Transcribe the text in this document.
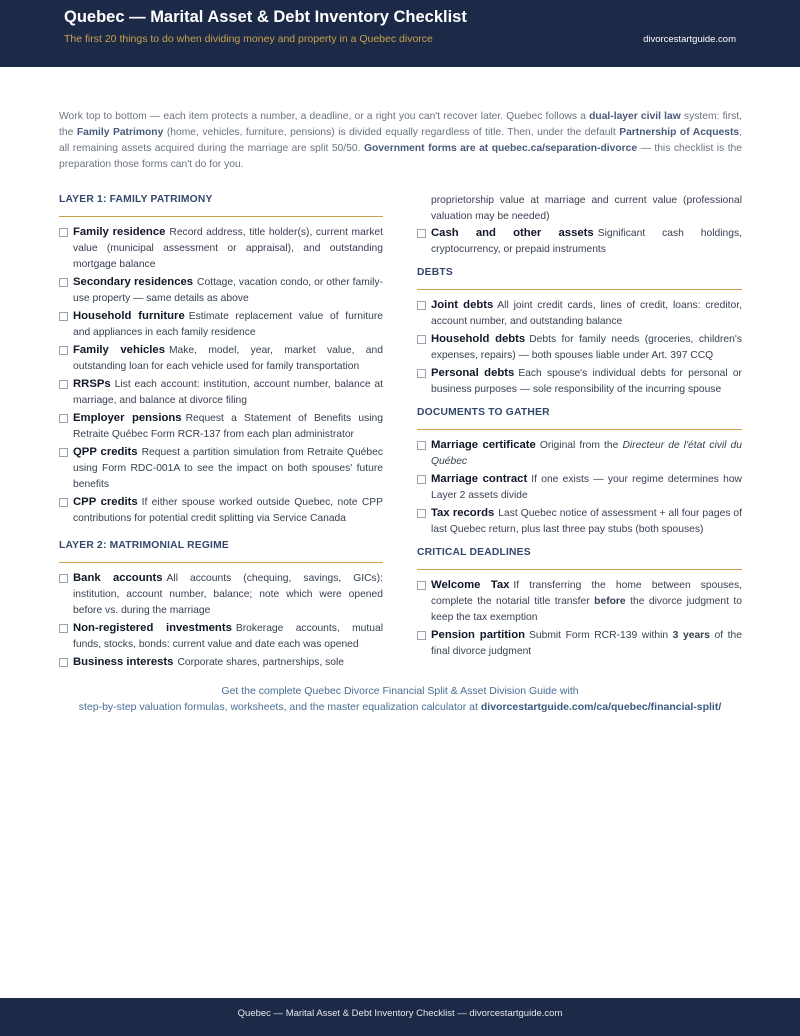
Quebec — Marital Asset & Debt Inventory Checklist
The first 20 things to do when dividing money and property in a Quebec divorce	divorcestartguide.com

Work top to bottom — each item protects a number, a deadline, or a right you can't recover later. Quebec follows a dual-layer civil law system: first, the Family Patrimony (home, vehicles, furniture, pensions) is divided equally regardless of title. Then, under the default Partnership of Acquests, all remaining assets acquired during the marriage are split 50/50. Government forms are at quebec.ca/separation-divorce — this checklist is the preparation those forms can't do for you.

LAYER 1: FAMILY PATRIMONY
Family residence Record address, title holder(s), current market value (municipal assessment or appraisal), and outstanding mortgage balance
Secondary residences Cottage, vacation condo, or other family-use property — same details as above
Household furniture Estimate replacement value of furniture and appliances in each family residence
Family vehicles Make, model, year, market value, and outstanding loan for each vehicle used for family transportation
RRSPs List each account: institution, account number, balance at marriage, and balance at divorce filing
Employer pensions Request a Statement of Benefits using Retraite Québec Form RCR-137 from each plan administrator
QPP credits Request a partition simulation from Retraite Québec using Form RDC-001A to see the impact on both spouses' future benefits
CPP credits If either spouse worked outside Quebec, note CPP contributions for potential credit splitting via Service Canada
LAYER 2: MATRIMONIAL REGIME
Bank accounts All accounts (chequing, savings, GICs): institution, account number, balance; note which were opened before vs. during the marriage
Non-registered investments Brokerage accounts, mutual funds, stocks, bonds: current value and date each was opened
Business interests Corporate shares, partnerships, sole
proprietorship value at marriage and current value (professional valuation may be needed)
Cash and other assets Significant cash holdings, cryptocurrency, or prepaid instruments
DEBTS
Joint debts All joint credit cards, lines of credit, loans: creditor, account number, and outstanding balance
Household debts Debts for family needs (groceries, children's expenses, repairs) — both spouses liable under Art. 397 CCQ
Personal debts Each spouse's individual debts for personal or business purposes — sole responsibility of the incurring spouse
DOCUMENTS TO GATHER
Marriage certificate Original from the Directeur de l'état civil du Québec
Marriage contract If one exists — your regime determines how Layer 2 assets divide
Tax records Last Quebec notice of assessment + all four pages of last Quebec return, plus last three pay stubs (both spouses)
CRITICAL DEADLINES
Welcome Tax If transferring the home between spouses, complete the notarial title transfer before the divorce judgment to keep the tax exemption
Pension partition Submit Form RCR-139 within 3 years of the final divorce judgment
Get the complete Quebec Divorce Financial Split & Asset Division Guide with
step-by-step valuation formulas, worksheets, and the master equalization calculator at divorcestartguide.com/ca/quebec/financial-split/
Quebec — Marital Asset & Debt Inventory Checklist — divorcestartguide.com
